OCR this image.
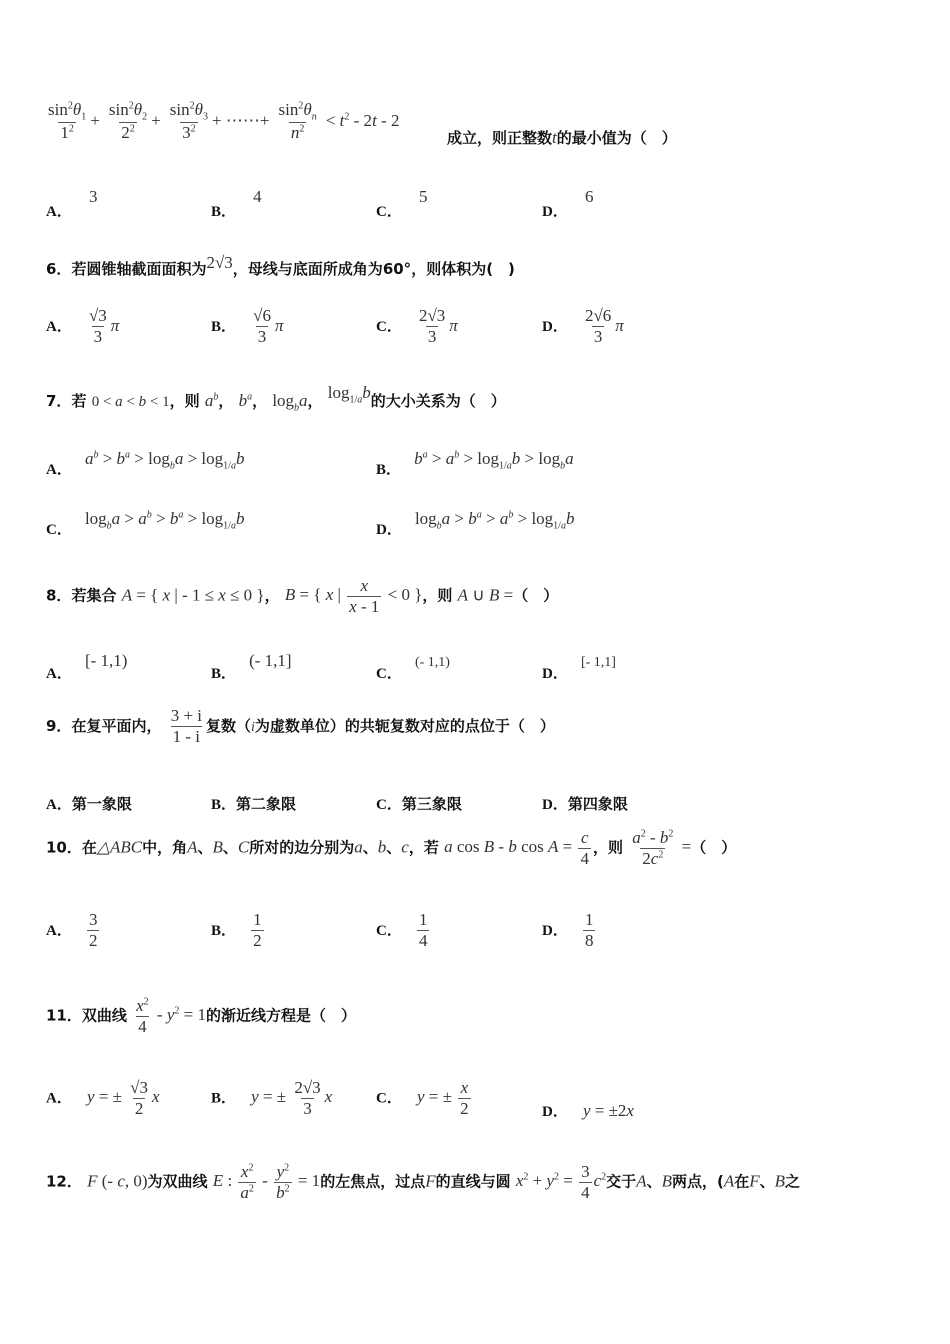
$\frac{\sin^2\theta_1}{1^2} + \frac{\sin^2\theta_2}{2^2} + \frac{\sin^2\theta_3}{3^2}$ + ⋯⋯+ $\frac{\sin^2\theta_n}{n^2} < t^2 - 2t - 2$
成立，则正整数t的最小值为（　）
A． 3
B． 4
C． 5
D． 6
6．若圆锥轴截面面积为2√3，母线与底面所成角为60°，则体积为(　)
A． $\frac{√3}{3}$ π	B． $\frac{√6}{3}$ π	C． $\frac{2√3}{3}$ π	D． $\frac{2√6}{3}$ π
7．若 0 < a < b < 1，则 $a^b$， $b^a$， $\log_ba$， $\log_{1/a}b$的大小关系为（　）
A． $a^b > b^a > \log_ba > \log_{1/a}b$
B． $b^a > a^b > \log_{1/a}b > \log_ba$
C． $\log_ba > a^b > b^a > \log_{1/a}b$
D． $\log_ba > b^a > a^b > \log_{1/a}b$
8．若集合 A = { x | - 1 ≤ x ≤ 0 }， B = { x | $\frac{x}{x - 1} < 0$ }，则 A ∪ B =（　）
A． [- 1,1)
B． (- 1,1]
C． (- 1,1)
D． [- 1,1]
9．在复平面内， $\frac{3 + i}{1 - i}$ 复数（i为虚数单位）的共轭复数对应的点位于（　）
A．第一象限	B．第二象限	C．第三象限	D．第四象限
10．在△ABC中，角A、B、C所对的边分别为a、b、c，若 a cos B - b $\cos A = \frac{c}{4}$ ，则 $\frac{a^2 - b^2}{2c^2}$ =（　）
A． $\frac{3}{2}$	B． $\frac{1}{2}$	C． $\frac{1}{4}$	D． $\frac{1}{8}$
11．双曲线 $\frac{x^2}{4} - y^2 = 1$的渐近线方程是（　）
A． y = ± $\frac{√3}{2}$ x	B． y = ± $\frac{2√3}{3}$ x	C． y = ± $\frac{x}{2}$	D． y = ±2x
12． F (- c, 0)为双曲线 E : $\frac{x^2}{a^2} - \frac{y^2}{b^2} = 1$的左焦点，过点F的直线与圆 $x^2 + y^2 = \frac{3}{4} c^2$交于A、B两点，(A在F、B之
